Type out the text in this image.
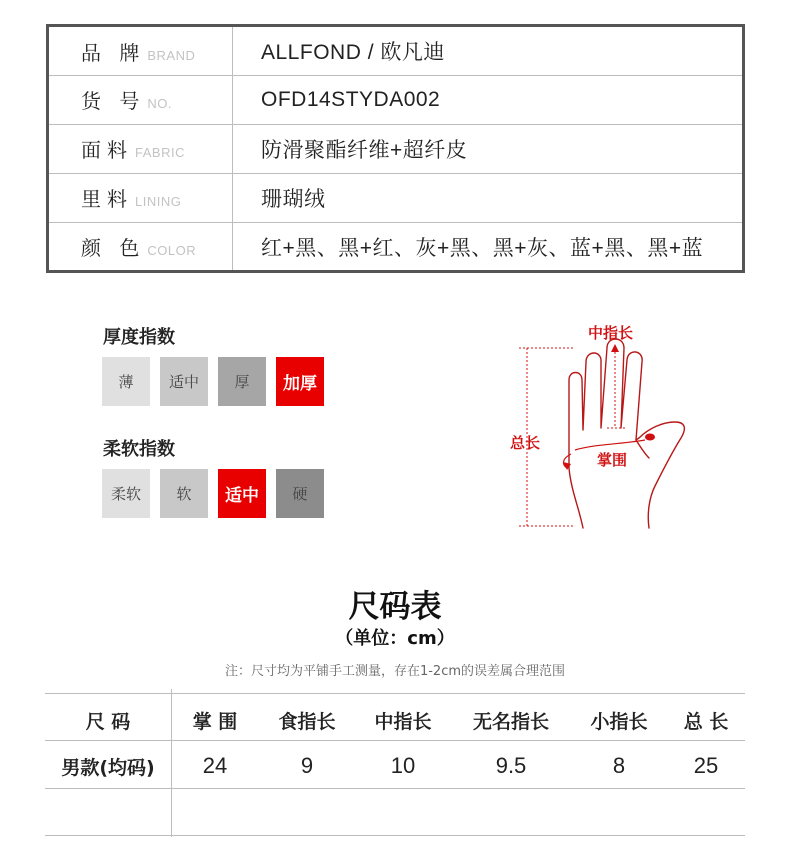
品 牌 BRAND	ALLFOND / 欧凡迪
货 号 NO.	OFD14STYDA002
面料 FABRIC	防滑聚酯纤维+超纤皮
里料 LINING	珊瑚绒
颜 色 COLOR	红+黑、黑+红、灰+黑、黑+灰、蓝+黑、黑+蓝
厚度指数
薄	适中	厚	加厚
柔软指数
柔软	软	适中	硬
中指长
总长
掌围
尺码表
（单位：cm）
注：尺寸均为平铺手工测量，存在1-2cm的误差属合理范围
尺 码	掌 围	食指长	中指长	无名指长	小指长	总 长
男款(均码)	24	9	10	9.5	8	25
